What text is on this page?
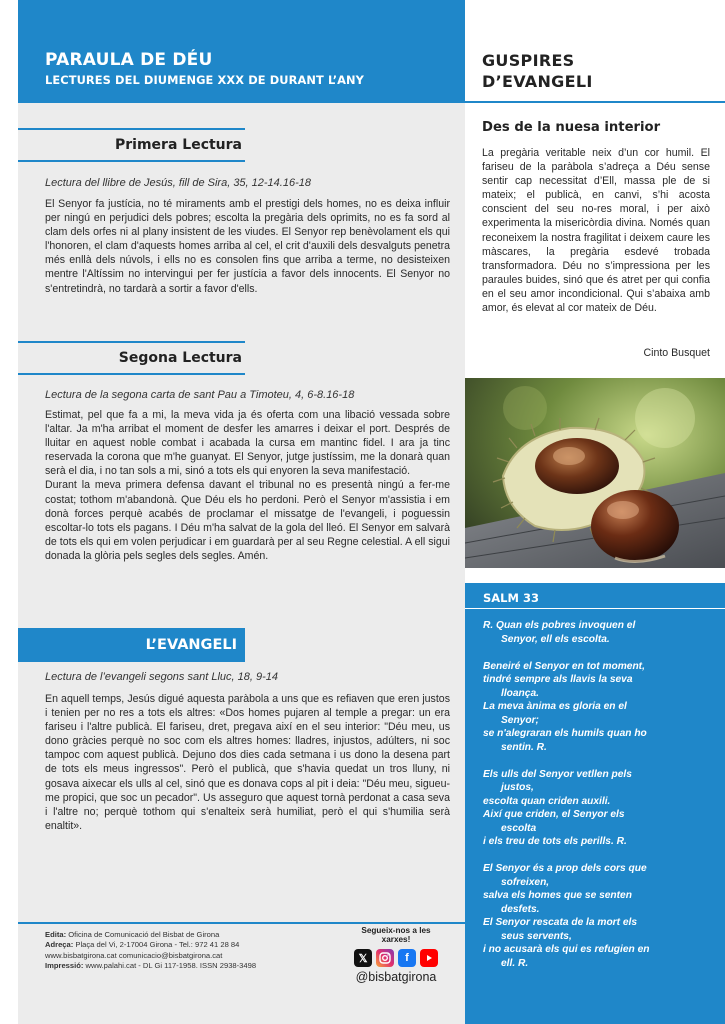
PARAULA DE DÉU
LECTURES DEL DIUMENGE XXX DE DURANT L’ANY
Primera Lectura
Lectura del llibre de Jesús, fill de Sira, 35, 12-14.16-18

El Senyor fa justícia, no té miraments amb el prestigi dels homes, no es deixa influir per ningú en perjudici dels pobres; escolta la pregària dels oprimits, no es fa sord al clam dels orfes ni al plany insistent de les viudes. El Senyor rep benèvolament els qui l'honoren, el clam d'aquests homes arriba al cel, el crit d'auxili dels desvalguts penetra més enllà dels núvols, i ells no es consolen fins que arriba a terme, no desisteixen mentre l'Altíssim no intervingui per fer justícia a favor dels innocents. El Senyor no s'entretindrà, no tardarà a sortir a favor d'ells.

Segona Lectura
Lectura de la segona carta de sant Pau a Timoteu, 4, 6-8.16-18

Estimat, pel que fa a mi, la meva vida ja és oferta com una libació vessada sobre l'altar. Ja m'ha arribat el moment de desfer les amarres i deixar el port. Després de lluitar en aquest noble combat i acabada la cursa em mantinc fidel. I ara ja tinc reservada la corona que m'he guanyat. El Senyor, jutge justíssim, me la donarà quan serà el dia, i no tan sols a mi, sinó a tots els qui enyoren la seva manifestació.

Durant la meva primera defensa davant el tribunal no es presentà ningú a fer-me costat; tothom m'abandonà. Que Déu els ho perdoni. Però el Senyor m'assistia i em donà forces perquè acabés de proclamar el missatge de l'evangeli, i poguessin escoltar-lo tots els pagans. I Déu m'ha salvat de la gola del lleó. El Senyor em salvarà de tots els qui em volen perjudicar i em guardarà per al seu Regne celestial. A ell sigui donada la glòria pels segles dels segles. Amén.

L’EVANGELI
Lectura de l’evangeli segons sant Lluc, 18, 9-14

En aquell temps, Jesús digué aquesta paràbola a uns que es refiaven que eren justos i tenien per no res a tots els altres: «Dos homes pujaren al temple a pregar: un era fariseu i l'altre publicà. El fariseu, dret, pregava així en el seu interior: "Déu meu, us dono gràcies perquè no soc com els altres homes: lladres, injustos, adúlters, ni soc tampoc com aquest publicà. Dejuno dos dies cada setmana i us dono la desena part de tots els meus ingressos". Però el publicà, que s'havia quedat un tros lluny, ni gosava aixecar els ulls al cel, sinó que es donava cops al pit i deia: "Déu meu, sigueu-me propici, que soc un pecador". Us asseguro que aquest tornà perdonat a casa seva i l'altre no; perquè tothom qui s'enalteix serà humiliat, però el qui s'humilia serà enaltit».

Edita: Oficina de Comunicació del Bisbat de Girona
Adreça: Plaça del Vi, 2-17004 Girona - Tel.: 972 41 28 84
www.bisbatgirona.cat comunicacio@bisbatgirona.cat
Impressió: www.palahi.cat - DL Gi 117-1958. ISSN 2938-3498
Segueix-nos a les xarxes!
𝕏	f
@bisbatgirona
GUSPIRES
D’EVANGELI
Des de la nuesa interior
La pregària veritable neix d’un cor humil. El fariseu de la paràbola s’adreça a Déu sense sentir cap necessitat d’Ell, massa ple de si mateix; el publicà, en canvi, s’hi acosta conscient del seu no-res moral, i per això experimenta la misericòrdia divina. Només quan reconeixem la nostra fragilitat i deixem caure les màscares, la pregària esdevé trobada transformadora. Déu no s’impressiona per les paraules buides, sinó que és atret per qui confia en el seu amor incondicional. Qui s’abaixa amb amor, és elevat al cor mateix de Déu.
Cinto Busquet
SALM 33
R. Quan els pobres invoquen el
Senyor, ell els escolta.
Beneiré el Senyor en tot moment,
tindré sempre als llavis la seva
lloança.
La meva ànima es gloria en el
Senyor;
se n'alegraran els humils quan ho
sentin. R.
Els ulls del Senyor vetllen pels
justos,
escolta quan criden auxili.
Així que criden, el Senyor els
escolta
i els treu de tots els perills. R.
El Senyor és a prop dels cors que
sofreixen,
salva els homes que se senten
desfets.
El Senyor rescata de la mort els
seus servents,
i no acusarà els qui es refugien en
ell. R.
